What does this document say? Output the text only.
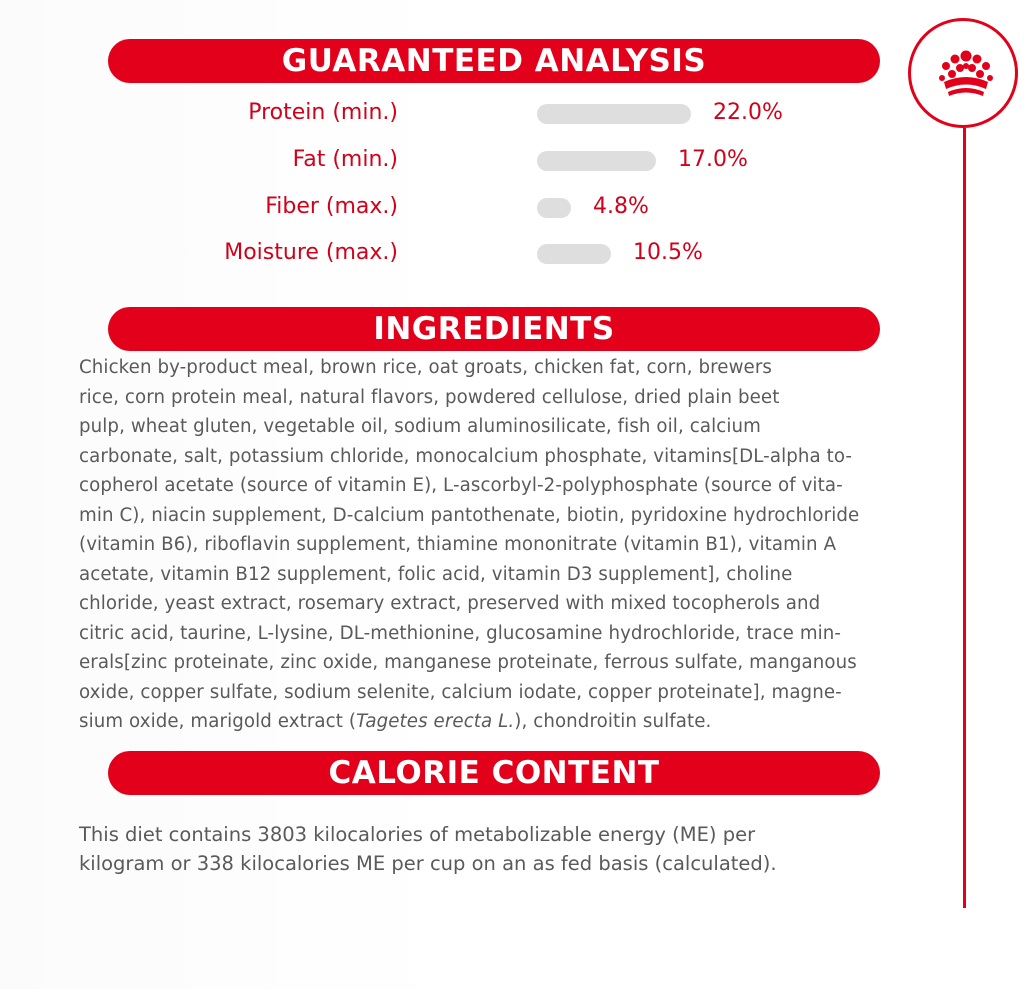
GUARANTEED ANALYSIS
Protein (min.)	22.0%
Fat (min.)	17.0%
Fiber (max.)	4.8%
Moisture (max.)	10.5%
INGREDIENTS
Chicken by-product meal, brown rice, oat groats, chicken fat, corn, brewers
rice, corn protein meal, natural flavors, powdered cellulose, dried plain beet
pulp, wheat gluten, vegetable oil, sodium aluminosilicate, fish oil, calcium
carbonate, salt, potassium chloride, monocalcium phosphate, vitamins[DL-alpha to-
copherol acetate (source of vitamin E), L-ascorbyl-2-polyphosphate (source of vita-
min C), niacin supplement, D-calcium pantothenate, biotin, pyridoxine hydrochloride
(vitamin B6), riboflavin supplement, thiamine mononitrate (vitamin B1), vitamin A
acetate, vitamin B12 supplement, folic acid, vitamin D3 supplement], choline
chloride, yeast extract, rosemary extract, preserved with mixed tocopherols and
citric acid, taurine, L-lysine, DL-methionine, glucosamine hydrochloride, trace min-
erals[zinc proteinate, zinc oxide, manganese proteinate, ferrous sulfate, manganous
oxide, copper sulfate, sodium selenite, calcium iodate, copper proteinate], magne-
sium oxide, marigold extract (Tagetes erecta L.), chondroitin sulfate.
CALORIE CONTENT
This diet contains 3803 kilocalories of metabolizable energy (ME) per
kilogram or 338 kilocalories ME per cup on an as fed basis (calculated).
